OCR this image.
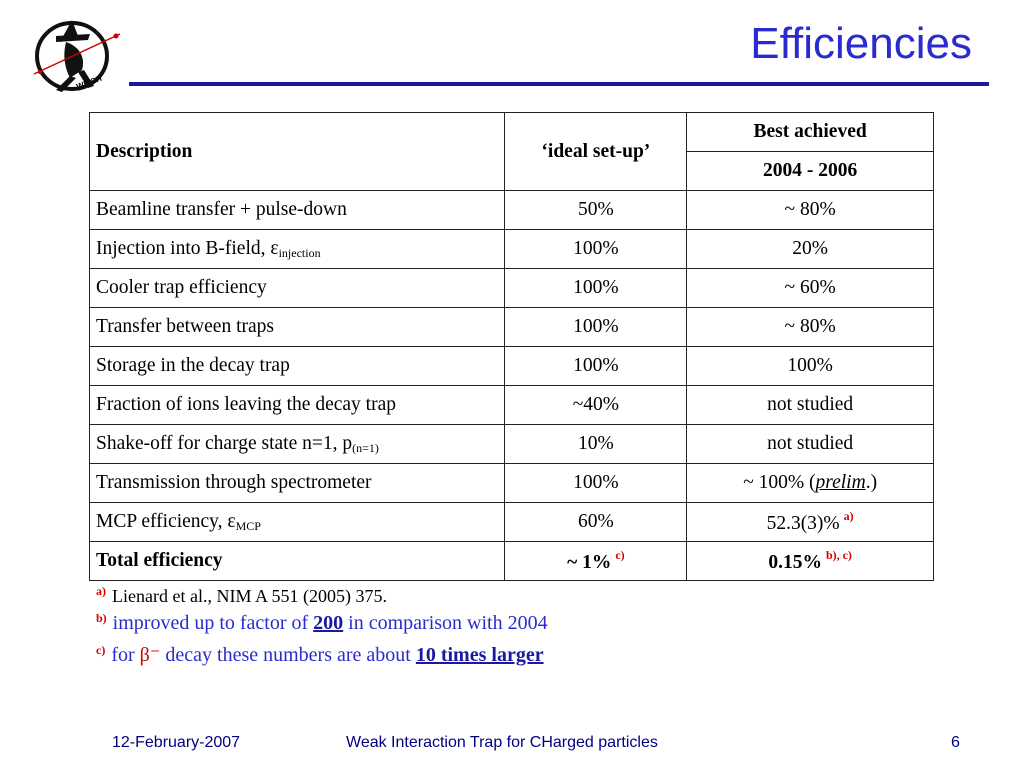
WITCH
Efficiencies
Description	‘ideal set-up’	Best achieved
		2004 - 2006
Beamline transfer + pulse-down	50%	~ 80%
Injection into B-field, $\varepsilon_{injection}$	100%	20%
Cooler trap efficiency	100%	~ 60%
Transfer between traps	100%	~ 80%
Storage in the decay trap	100%	100%
Fraction of ions leaving the decay trap	~40%	not studied
Shake-off for charge state n=1, $p_{(n=1)}$	10%	not studied
Transmission through spectrometer	100%	~ 100% (prelim.)
MCP efficiency, $\varepsilon_{MCP}$	60%	52.3(3)% $^{a)}$
Total efficiency	~ 1% $^{c)}$	0.15% $^{b), c)}$
$^{a)}$ Lienard et al., NIM A 551 (2005) 375.
$^{b)}$ improved up to factor of 200 in comparison with 2004
$^{c)}$ for β⁻ decay these numbers are about 10 times larger
12-February-2007	Weak Interaction Trap for CHarged particles	6
